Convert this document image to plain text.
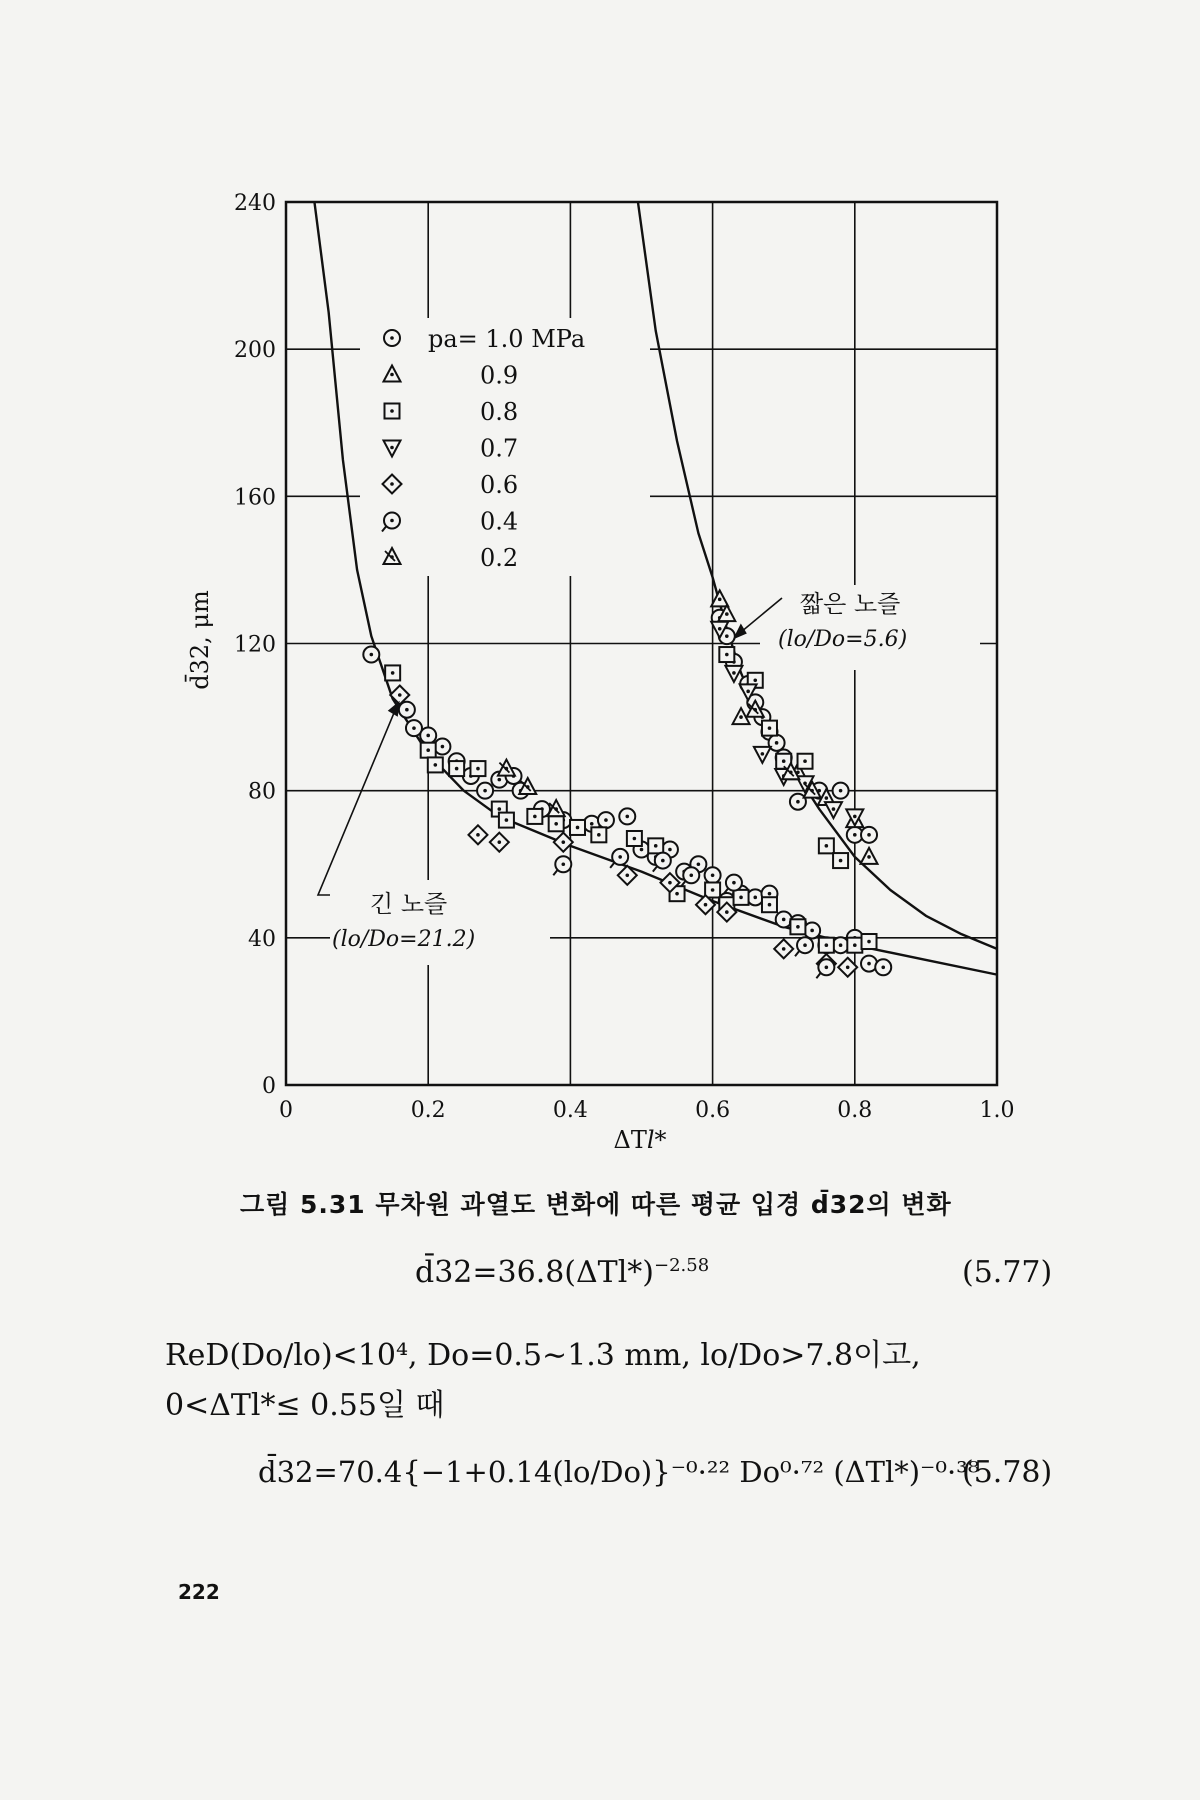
pa= 1.0 MPa
0.9
0.8
0.7
0.6
0.4
0.2
0	0.2	0.4	0.6	0.8	1.0
0
40
80
120
160
200
240
짧은 노즐
(lo/Do=5.6)
긴 노즐
(lo/Do=21.2)
ΔTl*
d̄32, μm
그림 5.31 무차원 과열도 변화에 따른 평균 입경 d̄32의 변화
$d̄32=36.8(\Delta Tl*)^{-2.58}$	(5.77)
ReD(Do/lo)<10⁴, Do=0.5∼1.3 mm, lo/Do>7.8이고,
0<ΔTl*≤ 0.55일 때
d̄32=70.4{−1+0.14(lo/Do)}⁻⁰·²² Do⁰·⁷² (ΔTl*)⁻⁰·³⁸
(5.78)
222
